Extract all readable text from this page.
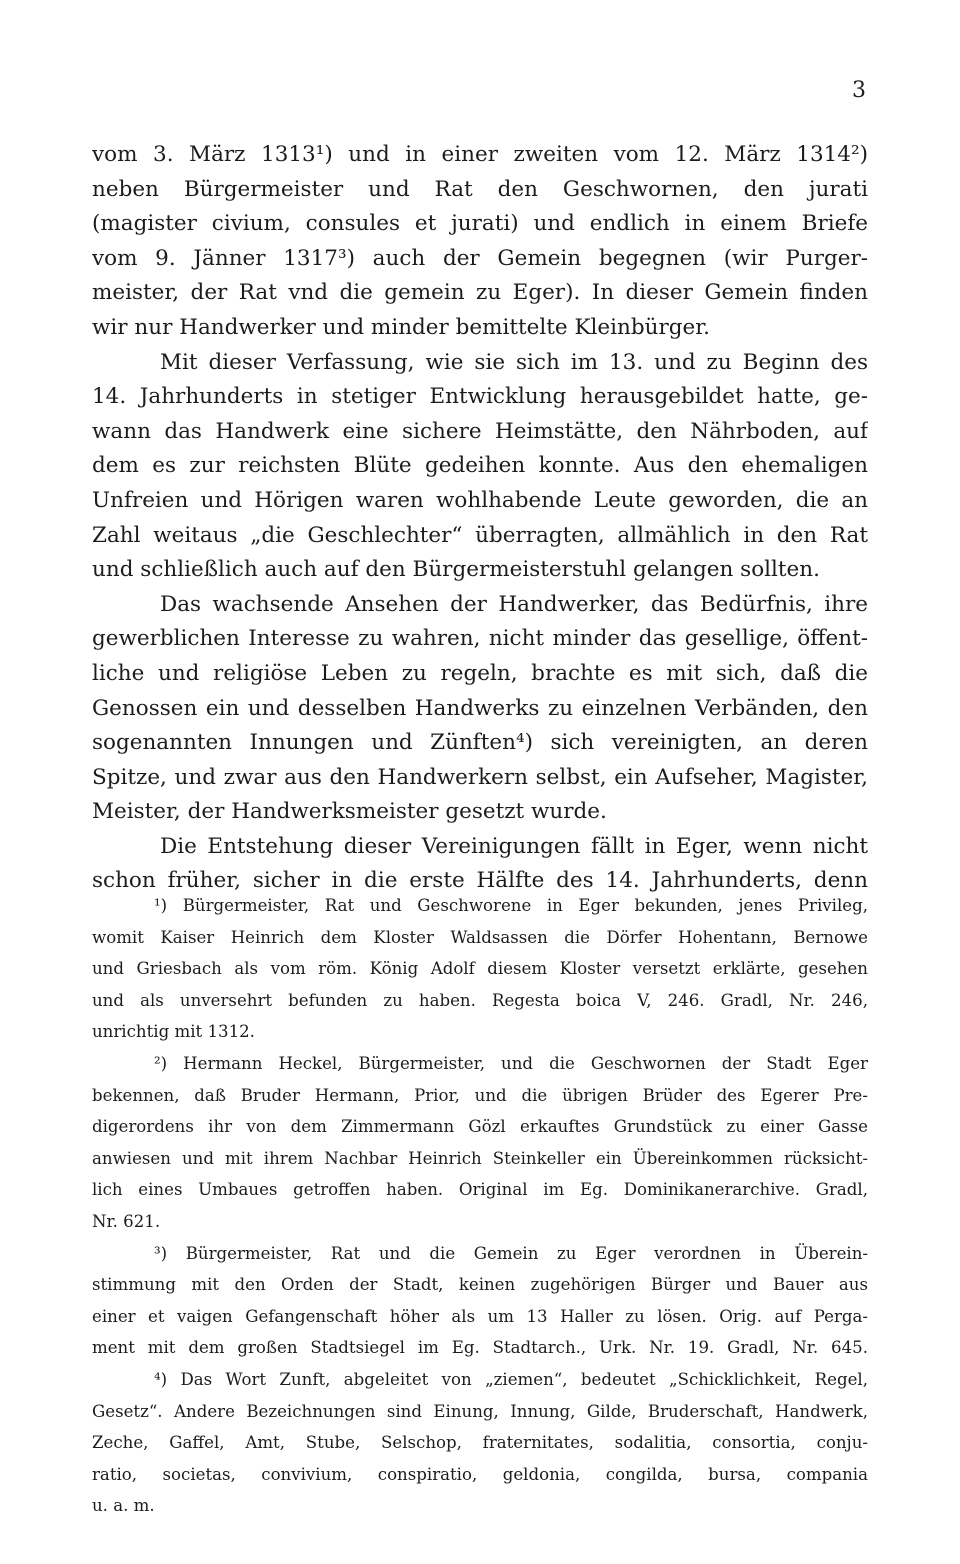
3
vom 3. März 1313¹) und in einer zweiten vom 12. März 1314²)
neben Bürgermeister und Rat den Geschwornen, den jurati
(magister civium, consules et jurati) und endlich in einem Briefe
vom 9. Jänner 1317³) auch der Gemein begegnen (wir Purger-
meister, der Rat vnd die gemein zu Eger). In dieser Gemein finden
wir nur Handwerker und minder bemittelte Kleinbürger.
Mit dieser Verfassung, wie sie sich im 13. und zu Beginn des
14. Jahrhunderts in stetiger Entwicklung herausgebildet hatte, ge-
wann das Handwerk eine sichere Heimstätte, den Nährboden, auf
dem es zur reichsten Blüte gedeihen konnte. Aus den ehemaligen
Unfreien und Hörigen waren wohlhabende Leute geworden, die an
Zahl weitaus „die Geschlechter“ überragten, allmählich in den Rat
und schließlich auch auf den Bürgermeisterstuhl gelangen sollten.
Das wachsende Ansehen der Handwerker, das Bedürfnis, ihre
gewerblichen Interesse zu wahren, nicht minder das gesellige, öffent-
liche und religiöse Leben zu regeln, brachte es mit sich, daß die
Genossen ein und desselben Handwerks zu einzelnen Verbänden, den
sogenannten Innungen und Zünften⁴) sich vereinigten, an deren
Spitze, und zwar aus den Handwerkern selbst, ein Aufseher, Magister,
Meister, der Handwerksmeister gesetzt wurde.
Die Entstehung dieser Vereinigungen fällt in Eger, wenn nicht
schon früher, sicher in die erste Hälfte des 14. Jahrhunderts, denn
¹) Bürgermeister, Rat und Geschworene in Eger bekunden, jenes Privileg,
womit Kaiser Heinrich dem Kloster Waldsassen die Dörfer Hohentann, Bernowe
und Griesbach als vom röm. König Adolf diesem Kloster versetzt erklärte, gesehen
und als unversehrt befunden zu haben. Regesta boica V, 246. Gradl, Nr. 246,
unrichtig mit 1312.
²) Hermann Heckel, Bürgermeister, und die Geschwornen der Stadt Eger
bekennen, daß Bruder Hermann, Prior, und die übrigen Brüder des Egerer Pre-
digerordens ihr von dem Zimmermann Gözl erkauftes Grundstück zu einer Gasse
anwiesen und mit ihrem Nachbar Heinrich Steinkeller ein Übereinkommen rücksicht-
lich eines Umbaues getroffen haben. Original im Eg. Dominikanerarchive. Gradl,
Nr. 621.
³) Bürgermeister, Rat und die Gemein zu Eger verordnen in Überein-
stimmung mit den Orden der Stadt, keinen zugehörigen Bürger und Bauer aus
einer et vaigen Gefangenschaft höher als um 13 Haller zu lösen. Orig. auf Perga-
ment mit dem großen Stadtsiegel im Eg. Stadtarch., Urk. Nr. 19. Gradl, Nr. 645.
⁴) Das Wort Zunft, abgeleitet von „ziemen“, bedeutet „Schicklichkeit, Regel,
Gesetz“. Andere Bezeichnungen sind Einung, Innung, Gilde, Bruderschaft, Handwerk,
Zeche, Gaffel, Amt, Stube, Selschop, fraternitates, sodalitia, consortia, conju-
ratio, societas, convivium, conspiratio, geldonia, congilda, bursa, compania
u. a. m.
